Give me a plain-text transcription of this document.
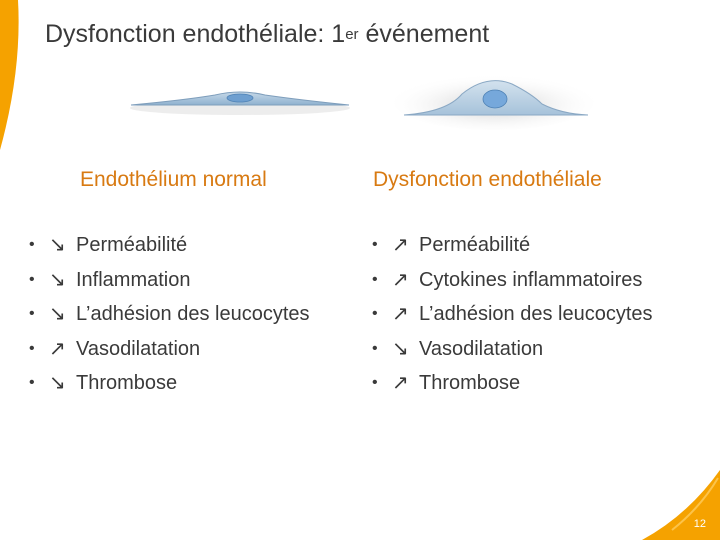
Dysfonction endothéliale: 1er événement
Endothélium normal	Dysfonction endothéliale
• ↘ Perméabilité
• ↘ Inflammation
• ↘ L’adhésion des leucocytes
• ↗ Vasodilatation
• ↘ Thrombose
• ↗ Perméabilité
• ↗ Cytokines inflammatoires
• ↗ L’adhésion des leucocytes
• ↘ Vasodilatation
• ↗ Thrombose
12
